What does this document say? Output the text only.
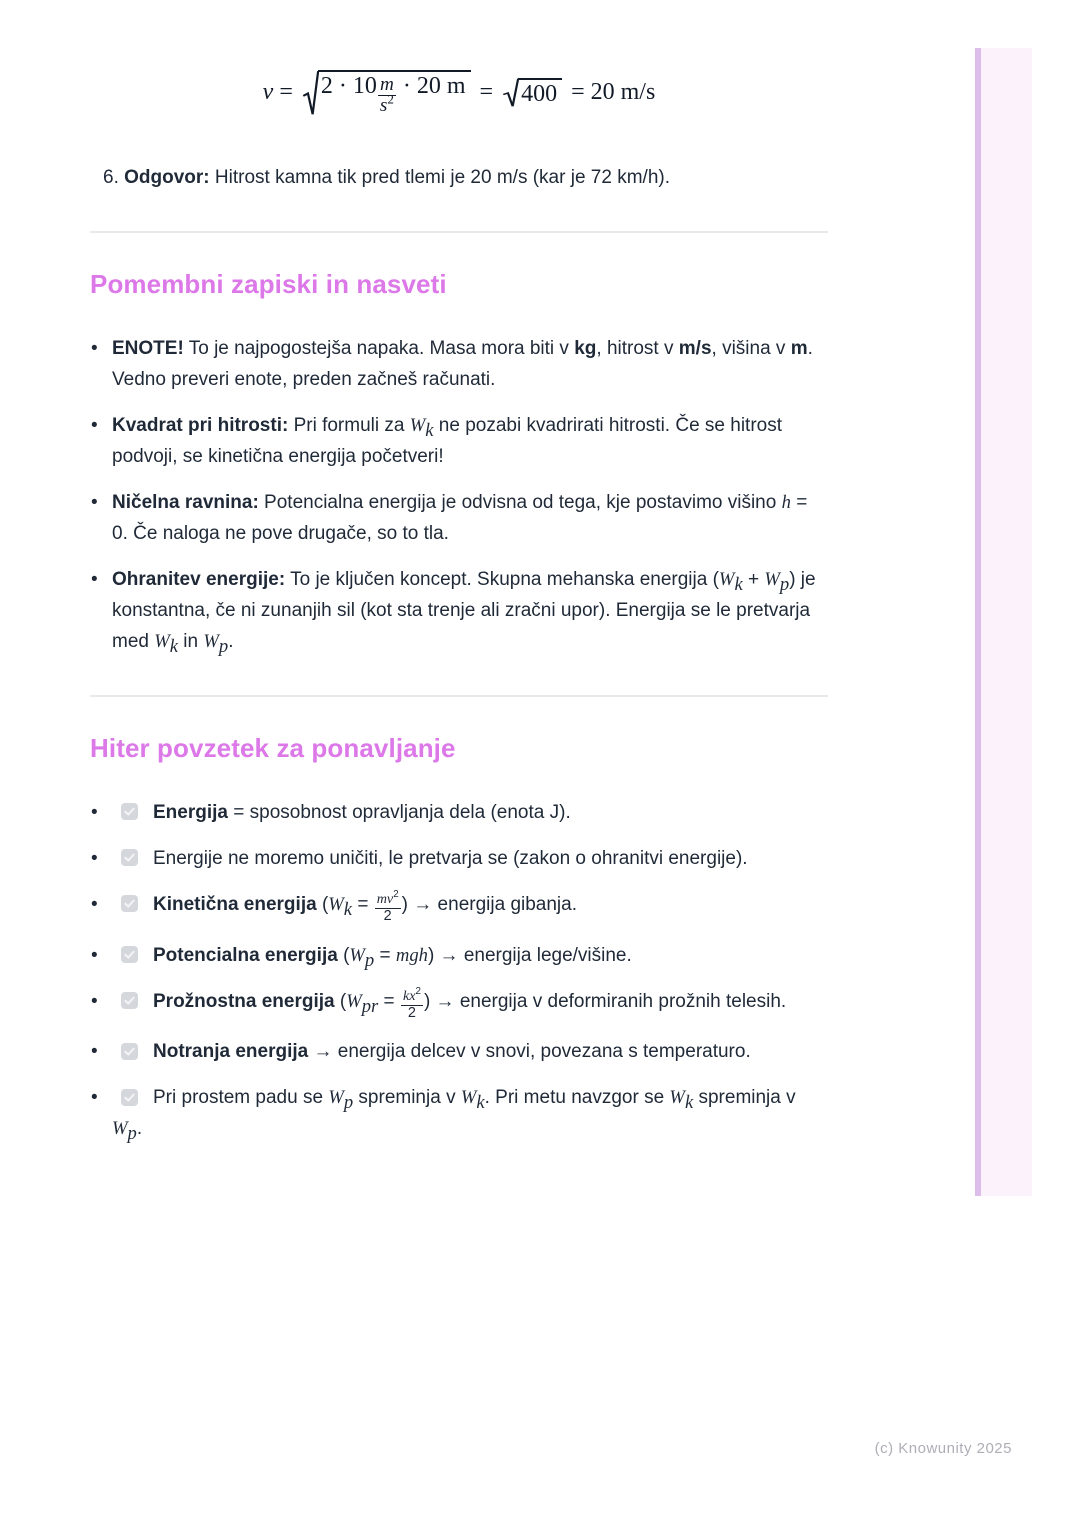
v =
$2 \cdot 10 \frac{m}{s^2} \cdot 20$ m =
400 = 20 m/s

6. Odgovor: Hitrost kamna tik pred tlemi je 20 m/s (kar je 72 km/h).

Pomembni zapiski in nasveti
• ENOTE! To je najpogostejša napaka. Masa mora biti v kg, hitrost v m/s, višina v m. Vedno preveri enote, preden začneš računati.
• Kvadrat pri hitrosti: Pri formuli za $W_k$ ne pozabi kvadrirati hitrosti. Če se hitrost podvoji, se kinetična energija početveri!
• Ničelna ravnina: Potencialna energija je odvisna od tega, kje postavimo višino h = 0. Če naloga ne pove drugače, so to tla.
• Ohranitev energije: To je ključen koncept. Skupna mehanska energija $(W_k + W_p)$ je konstantna, če ni zunanjih sil (kot sta trenje ali zračni upor). Energija se le pretvarja med $W_k$ in $W_p$.
Hiter povzetek za ponavljanje
• Energija = sposobnost opravljanja dela (enota J).
• Energije ne moremo uničiti, le pretvarja se (zakon o ohranitvi energije).
• Kinetična energija ($W_k = \frac{mv^2}{2}$ ) → energija gibanja.
• Potencialna energija $(W_p = mgh)$ → energija lege/višine.
• Prožnostna energija ($W_{pr} = \frac{kx^2}{2}$ ) → energija v deformiranih prožnih telesih.
• Notranja energija → energija delcev v snovi, povezana s temperaturo.
• Pri prostem padu se $W_p$ spreminja v $W_k$. Pri metu navzgor se $W_k$ spreminja v $W_p$.
(c) Knowunity 2025
